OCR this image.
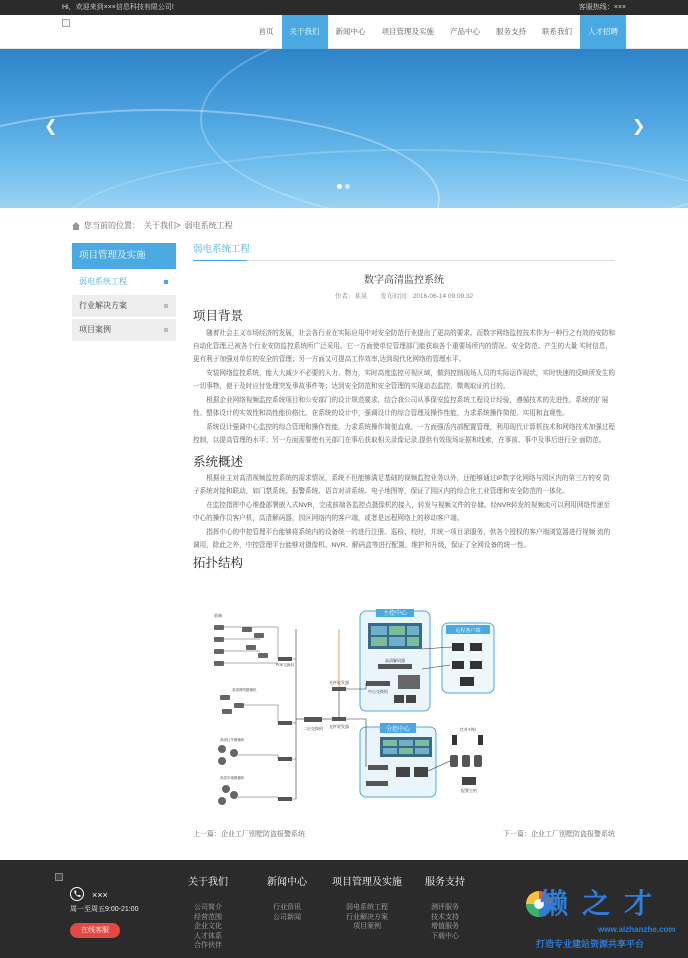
Hi，欢迎来到×××信息科技有限公司!	客服热线：×××
首页	关于我们	新闻中心	项目管理及实施	产品中心	服务支持	联系我们	人才招聘
❮	❯
您当前的位置： 关于我们> 弱电系统工程
项目管理及实施
弱电系统工程
行业解决方案
项目案例
弱电系统工程
数字高清监控系统
作者：某某　　发布时间：2016-06-14 09:09:32
项目背景

随着社会主义市场经济的发展，社会各行业在实际应用中对安全防范行业提出了更高的要求。而数字网络监控技术作为一种行之有效的安防和自动化管理,已被各个行业安防监控系统所广泛采用。它一方面使单位管理部门能获取各个重要场所内的情况、安全防范、产生的大量 实时信息，更有利于加强对单位的安全的管理；另一方面又可提高工作效率,达到现代化网络的管理水平。

安装网络监控系统，能大大减少不必要的人力、物力，实时高度监控可视区域，做到控制现场人员的实际运作现状，实时快速的反映所发生的一切事物，便于及时应付处理突发事故事件等；达到安全防范和安全管理的实现动态监控、微观取证的目的。

根据企业网络视频监控系统项目和公安部门的设计规范要求，结合我公司从事保安监控系统工程设计经验，遵循技术的先进性、系统的扩展性、整体设计的实效性和高性能价格比。在系统的设计中，强调设计的综合管理及操作性能，力求系统操作简便、实用和直观性。

系统设计强调中心监控的综合管理和操作性能，力求系统操作简便直观。一方面强活内部配置管理，利用现代计算机技术和网络技术加强过程控制，以提高管理的水平；另一方面需要使有关部门在事后获取相关录像记录,提供有效现场证据和线索，在事前、事中及事后进行全 面防范。

系统概述

根据业主对高清视频监控系统的需求情况，系统不但能够满足基础的视频监控业务以外，还能够通过IP数字化网络与园区内的第三方的安 防子系统对接和联动，如门禁系统、报警系统、语音对讲系统、电子地图等，保证了园区内的综合化工业管理和安全防范的一体化。

在监控指挥中心堆叠部署嵌入式NVR，完成前端各监控点摄像机的接入，转发与视频文件的存储。经NVR转发的视频流可以利用网络传递至中心的操作员客户机，高清解码器，园区网络内的客户端，或者是远程网络上的移动客户端。

指挥中心的中控管理平台能够将系统内的设备统一的进行注册、巡检、校时，并统一项目录服务，供各个授权的客户端浏览器进行视频 流的调用，除此之外，中控管理平台能够对摄像机、NVR、解码盒等进行配置、维护和升级，保证了全网设备的统一性。

拓扑结构
主控中心
高清解码器
中心交换机
远程客户端
分控中心	红外对射
报警主机
二层交换机
光纤收发器
光纤收发器
前端
高清网络摄像机
高清红外摄像机
高清半球摄像机
POE交换机
上一篇：企业工厂别墅防盗报警系统	下一篇：企业工厂别墅防盗报警系统
×××
周一至周五9:00-21:00
在线客服
关于我们
公司简介
经营范围
企业文化
人才体系
合作伙伴
新闻中心
行业资讯
公司新闻
项目管理及实施
弱电系统工程
行业解决方案
项目案例
服务支持
测评服务
技术支持
增值服务
下载中心
懒之才
www.aizhanzhe.com
打造专业建站资源共享平台
